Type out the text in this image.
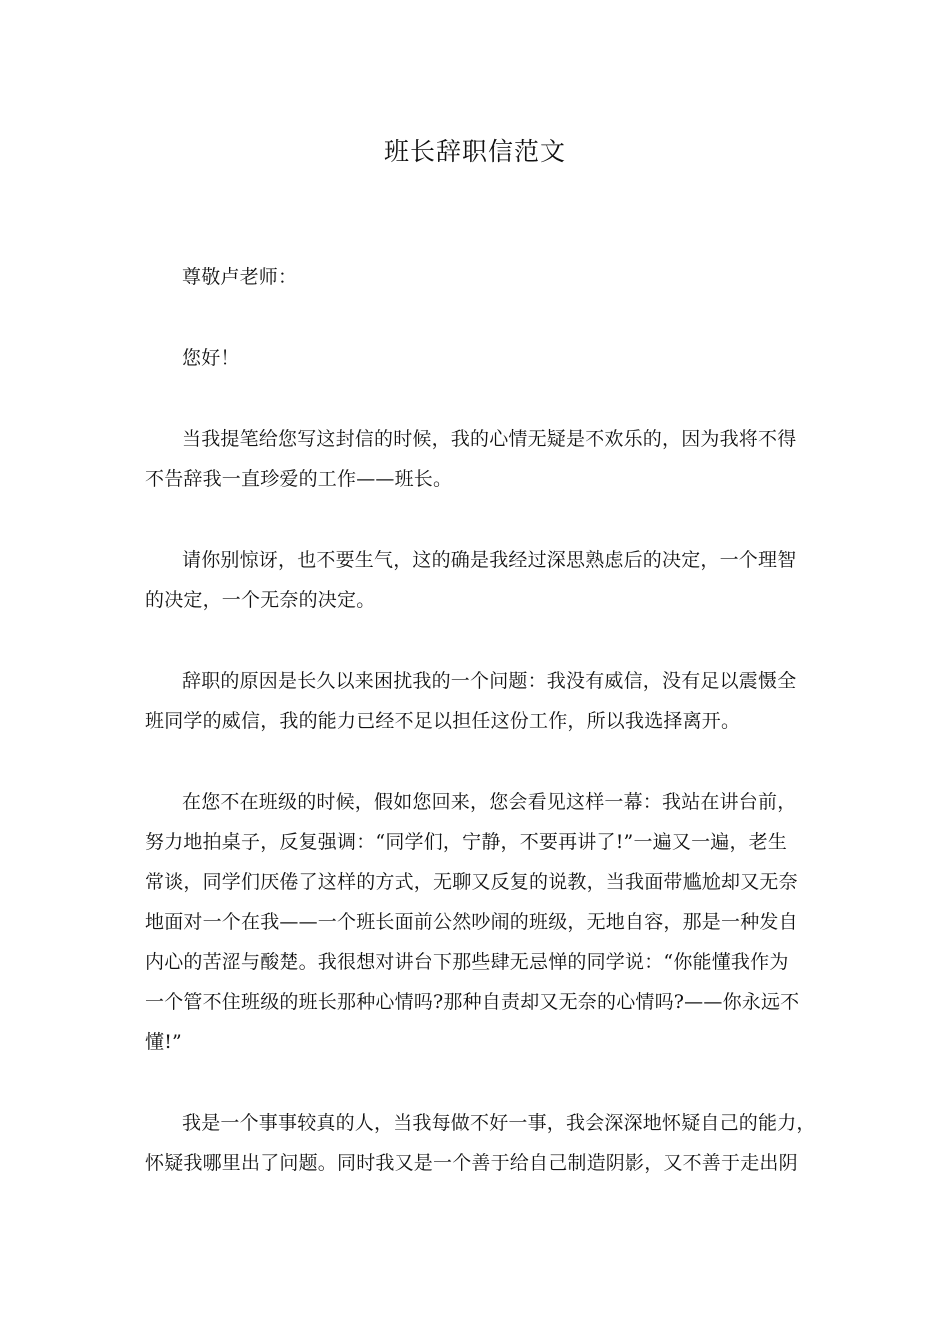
班长辞职信范文
尊敬卢老师：
您好！
当我提笔给您写这封信的时候，我的心情无疑是不欢乐的，因为我将不得
不告辞我一直珍爱的工作——班长。
请你别惊讶，也不要生气，这的确是我经过深思熟虑后的决定，一个理智
的决定，一个无奈的决定。
辞职的原因是长久以来困扰我的一个问题：我没有威信，没有足以震慑全
班同学的威信，我的能力已经不足以担任这份工作，所以我选择离开。
在您不在班级的时候，假如您回来，您会看见这样一幕：我站在讲台前，
努力地拍桌子，反复强调：“同学们，宁静，不要再讲了!”一遍又一遍，老生
常谈，同学们厌倦了这样的方式，无聊又反复的说教，当我面带尴尬却又无奈
地面对一个在我——一个班长面前公然吵闹的班级，无地自容，那是一种发自
内心的苦涩与酸楚。我很想对讲台下那些肆无忌惮的同学说：“你能懂我作为
一个管不住班级的班长那种心情吗?那种自责却又无奈的心情吗?——你永远不
懂!”
我是一个事事较真的人，当我每做不好一事，我会深深地怀疑自己的能力，
怀疑我哪里出了问题。同时我又是一个善于给自己制造阴影，又不善于走出阴
